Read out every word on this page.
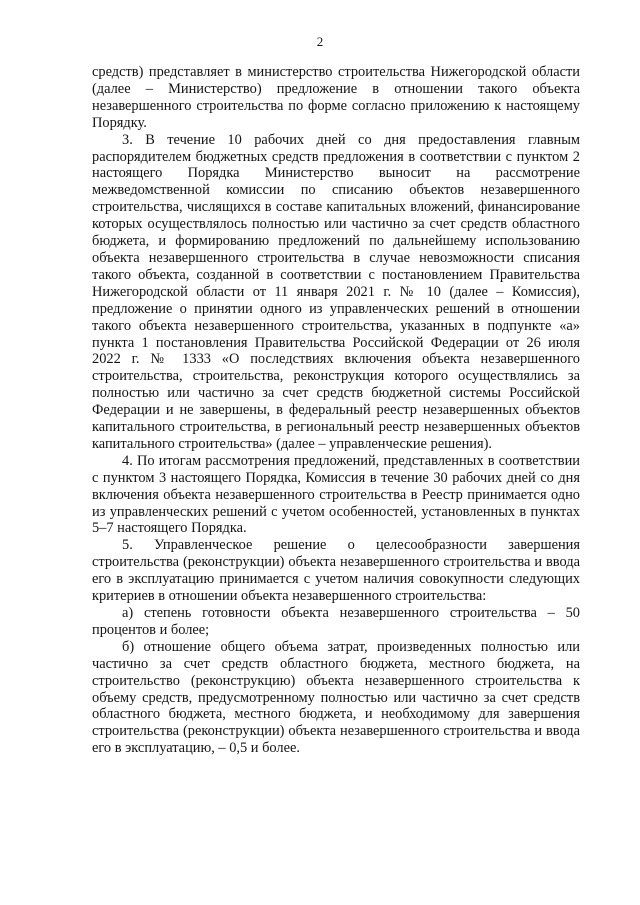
2

средств) представляет в министерство строительства Нижегородской области (далее – Министерство) предложение в отношении такого объекта незавершенного строительства по форме согласно приложению к настоящему Порядку.

3. В течение 10 рабочих дней со дня предоставления главным распорядителем бюджетных средств предложения в соответствии с пунктом 2 настоящего Порядка Министерство выносит на рассмотрение межведомственной комиссии по списанию объектов незавершенного строительства, числящихся в составе капитальных вложений, финансирование которых осуществлялось полностью или частично за счет средств областного бюджета, и формированию предложений по дальнейшему использованию объекта незавершенного строительства в случае невозможности списания такого объекта, созданной в соответствии с постановлением Правительства Нижегородской области от 11 января 2021 г. № 10 (далее – Комиссия), предложение о принятии одного из управленческих решений в отношении такого объекта незавершенного строительства, указанных в подпункте «а» пункта 1 постановления Правительства Российской Федерации от 26 июля 2022 г. № 1333 «О последствиях включения объекта незавершенного строительства, строительства, реконструкция которого осуществлялись за полностью или частично за счет средств бюджетной системы Российской Федерации и не завершены, в федеральный реестр незавершенных объектов капитального строительства, в региональный реестр незавершенных объектов капитального строительства» (далее – управленческие решения).

4. По итогам рассмотрения предложений, представленных в соответствии с пунктом 3 настоящего Порядка, Комиссия в течение 30 рабочих дней со дня включения объекта незавершенного строительства в Реестр принимается одно из управленческих решений с учетом особенностей, установленных в пунктах 5–7 настоящего Порядка.

5. Управленческое решение о целесообразности завершения строительства (реконструкции) объекта незавершенного строительства и ввода его в эксплуатацию принимается с учетом наличия совокупности следующих критериев в отношении объекта незавершенного строительства:

а) степень готовности объекта незавершенного строительства – 50 процентов и более;

б) отношение общего объема затрат, произведенных полностью или частично за счет средств областного бюджета, местного бюджета, на строительство (реконструкцию) объекта незавершенного строительства к объему средств, предусмотренному полностью или частично за счет средств областного бюджета, местного бюджета, и необходимому для завершения строительства (реконструкции) объекта незавершенного строительства и ввода его в эксплуатацию, – 0,5 и более.
